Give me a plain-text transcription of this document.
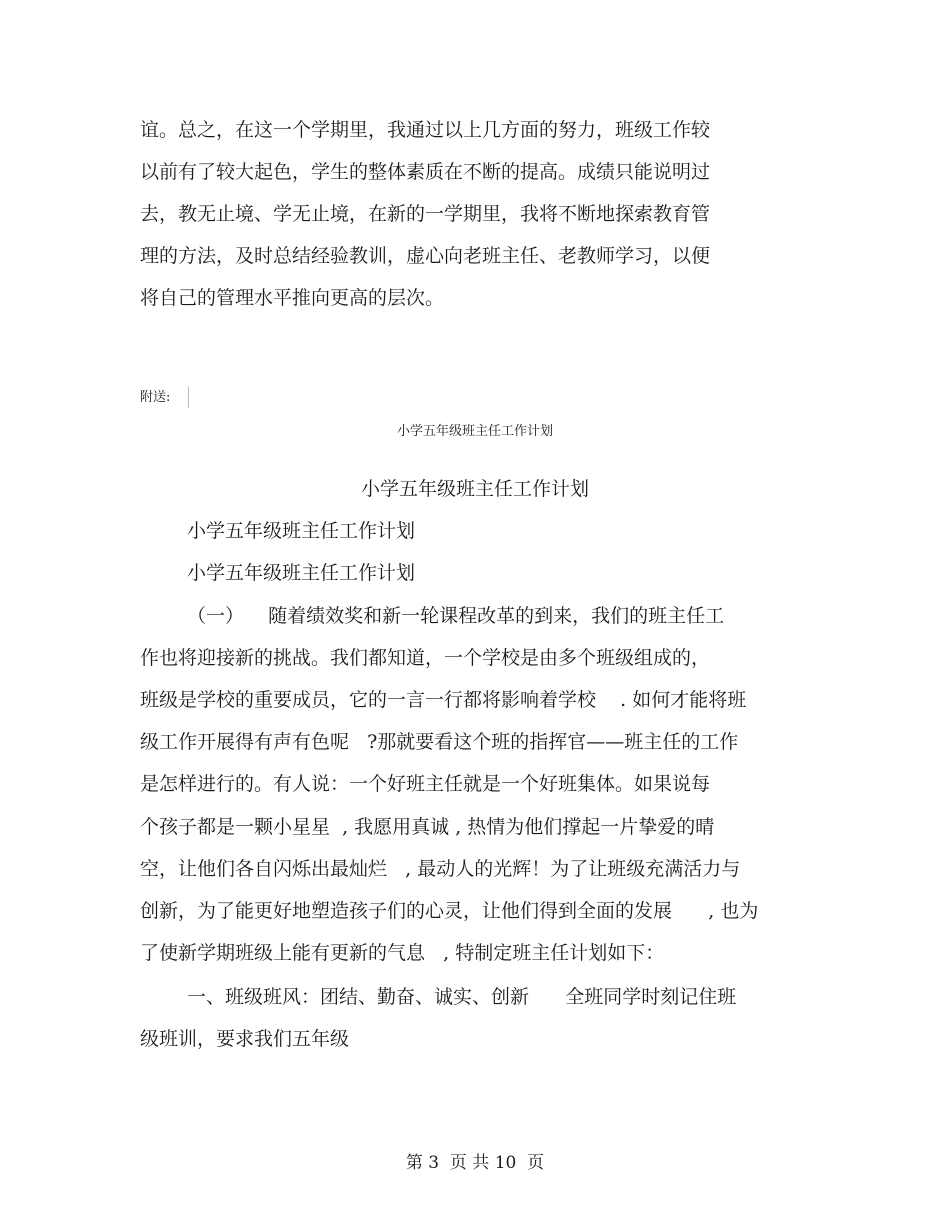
谊。总之，在这一个学期里，我通过以上几方面的努力，班级工作较
以前有了较大起色，学生的整体素质在不断的提高。成绩只能说明过
去，教无止境、学无止境，在新的一学期里，我将不断地探索教育管
理的方法，及时总结经验教训，虚心向老班主任、老教师学习，以便
将自己的管理水平推向更高的层次。
附送:
小学五年级班主任工作计划
小学五年级班主任工作计划
小学五年级班主任工作计划
小学五年级班主任工作计划
（一）    随着绩效奖和新一轮课程改革的到来，我们的班主任工
作也将迎接新的挑战。我们都知道，一个学校是由多个班级组成的，
班级是学校的重要成员，它的一言一行都将影响着学校    . 如何才能将班
级工作开展得有声有色呢   ?那就要看这个班的指挥官——班主任的工作
是怎样进行的。有人说：一个好班主任就是一个好班集体。如果说每
个孩子都是一颗小星星  , 我愿用真诚 , 热情为他们撑起一片挚爱的晴
空，让他们各自闪烁出最灿烂   , 最动人的光辉！为了让班级充满活力与
创新，为了能更好地塑造孩子们的心灵，让他们得到全面的发展      , 也为
了使新学期班级上能有更新的气息   , 特制定班主任计划如下：
一、班级班风：团结、勤奋、诚实、创新      全班同学时刻记住班
级班训，要求我们五年级
第 3  页 共 10  页
